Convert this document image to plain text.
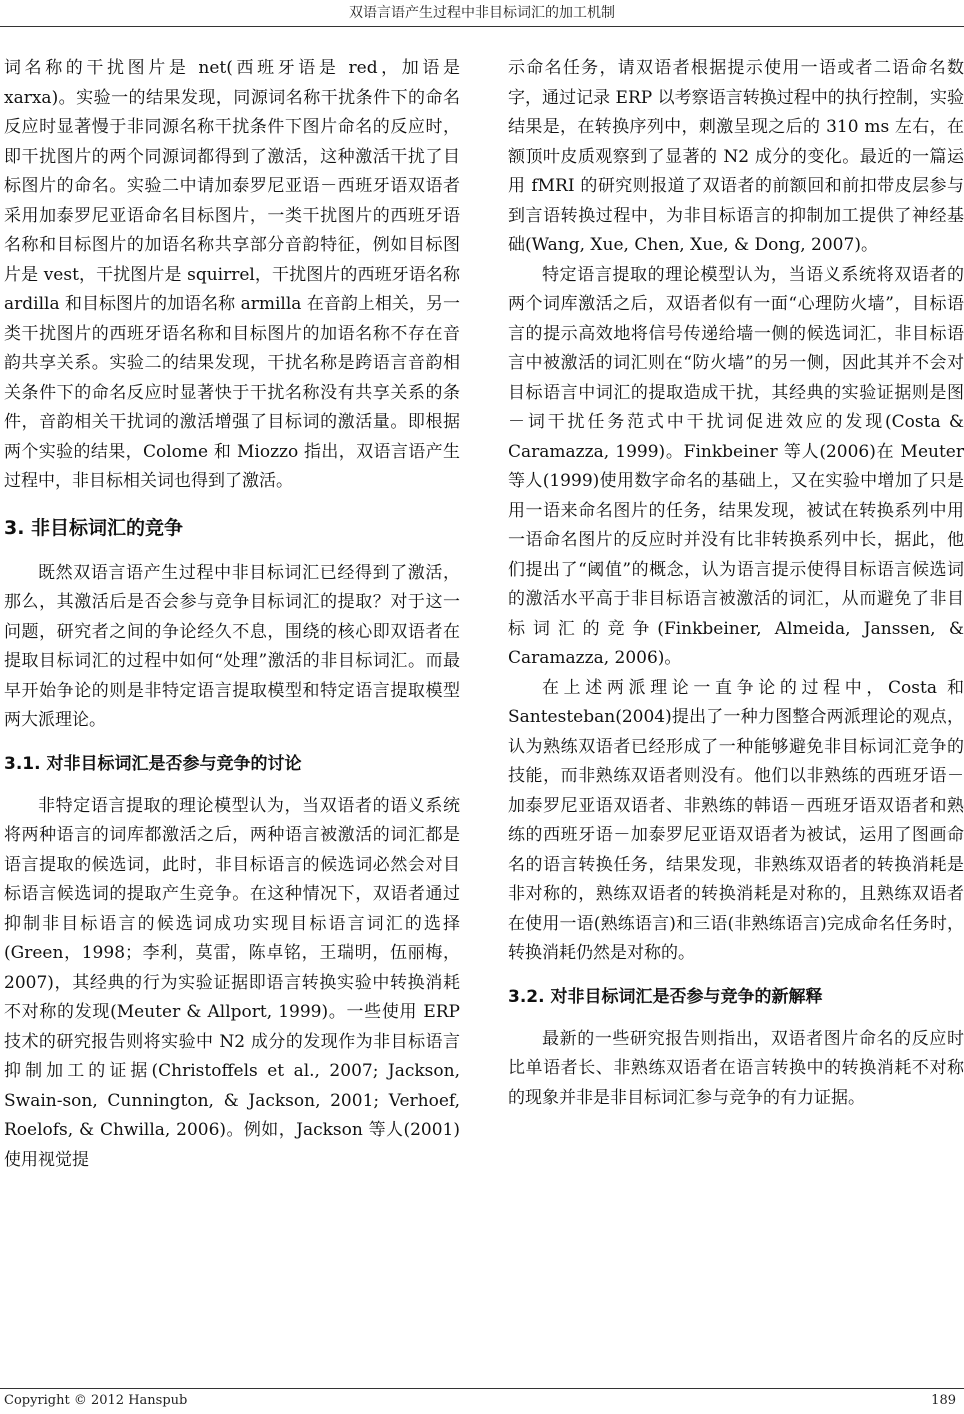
双语言语产生过程中非目标词汇的加工机制

词名称的干扰图片是 net(西班牙语是 red，加语是 xarxa)。实验一的结果发现，同源词名称干扰条件下的命名反应时显著慢于非同源名称干扰条件下图片命名的反应时，即干扰图片的两个同源词都得到了激活，这种激活干扰了目标图片的命名。实验二中请加泰罗尼亚语－西班牙语双语者采用加泰罗尼亚语命名目标图片，一类干扰图片的西班牙语名称和目标图片的加语名称共享部分音韵特征，例如目标图片是 vest，干扰图片是 squirrel，干扰图片的西班牙语名称 ardilla 和目标图片的加语名称 armilla 在音韵上相关，另一类干扰图片的西班牙语名称和目标图片的加语名称不存在音韵共享关系。实验二的结果发现，干扰名称是跨语言音韵相关条件下的命名反应时显著快于干扰名称没有共享关系的条件，音韵相关干扰词的激活增强了目标词的激活量。即根据两个实验的结果，Colome 和 Miozzo 指出，双语言语产生过程中，非目标相关词也得到了激活。

3. 非目标词汇的竞争

既然双语言语产生过程中非目标词汇已经得到了激活，那么，其激活后是否会参与竞争目标词汇的提取？对于这一问题，研究者之间的争论经久不息，围绕的核心即双语者在提取目标词汇的过程中如何“处理”激活的非目标词汇。而最早开始争论的则是非特定语言提取模型和特定语言提取模型两大派理论。

3.1. 对非目标词汇是否参与竞争的讨论

非特定语言提取的理论模型认为，当双语者的语义系统将两种语言的词库都激活之后，两种语言被激活的词汇都是语言提取的候选词，此时，非目标语言的候选词必然会对目标语言候选词的提取产生竞争。在这种情况下，双语者通过抑制非目标语言的候选词成功实现目标语言词汇的选择(Green，1998；李利，莫雷，陈卓铭，王瑞明，伍丽梅，2007)，其经典的行为实验证据即语言转换实验中转换消耗不对称的发现(Meuter & Allport, 1999)。一些使用 ERP 技术的研究报告则将实验中 N2 成分的发现作为非目标语言抑制加工的证据(Christoffels et al., 2007; Jackson, Swain-son, Cunnington, & Jackson, 2001; Verhoef, Roelofs, & Chwilla, 2006)。例如，Jackson 等人(2001)使用视觉提

示命名任务，请双语者根据提示使用一语或者二语命名数字，通过记录 ERP 以考察语言转换过程中的执行控制，实验结果是，在转换序列中，刺激呈现之后的 310 ms 左右，在额顶叶皮质观察到了显著的 N2 成分的变化。最近的一篇运用 fMRI 的研究则报道了双语者的前额回和前扣带皮层参与到言语转换过程中，为非目标语言的抑制加工提供了神经基础(Wang, Xue, Chen, Xue, & Dong, 2007)。

特定语言提取的理论模型认为，当语义系统将双语者的两个词库激活之后，双语者似有一面“心理防火墙”，目标语言的提示高效地将信号传递给墙一侧的候选词汇，非目标语言中被激活的词汇则在“防火墙”的另一侧，因此其并不会对目标语言中词汇的提取造成干扰，其经典的实验证据则是图－词干扰任务范式中干扰词促进效应的发现(Costa & Caramazza, 1999)。Finkbeiner 等人(2006)在 Meuter 等人(1999)使用数字命名的基础上，又在实验中增加了只是用一语来命名图片的任务，结果发现，被试在转换系列中用一语命名图片的反应时并没有比非转换系列中长，据此，他们提出了“阈值”的概念，认为语言提示使得目标语言候选词的激活水平高于非目标语言被激活的词汇，从而避免了非目标词汇的竞争(Finkbeiner, Almeida, Janssen, & Caramazza, 2006)。

在上述两派理论一直争论的过程中，Costa 和 Santesteban(2004)提出了一种力图整合两派理论的观点，认为熟练双语者已经形成了一种能够避免非目标词汇竞争的技能，而非熟练双语者则没有。他们以非熟练的西班牙语－加泰罗尼亚语双语者、非熟练的韩语－西班牙语双语者和熟练的西班牙语－加泰罗尼亚语双语者为被试，运用了图画命名的语言转换任务，结果发现，非熟练双语者的转换消耗是非对称的，熟练双语者的转换消耗是对称的，且熟练双语者在使用一语(熟练语言)和三语(非熟练语言)完成命名任务时，转换消耗仍然是对称的。

3.2. 对非目标词汇是否参与竞争的新解释

最新的一些研究报告则指出，双语者图片命名的反应时比单语者长、非熟练双语者在语言转换中的转换消耗不对称的现象并非是非目标词汇参与竞争的有力证据。

Copyright © 2012 Hanspub	189
